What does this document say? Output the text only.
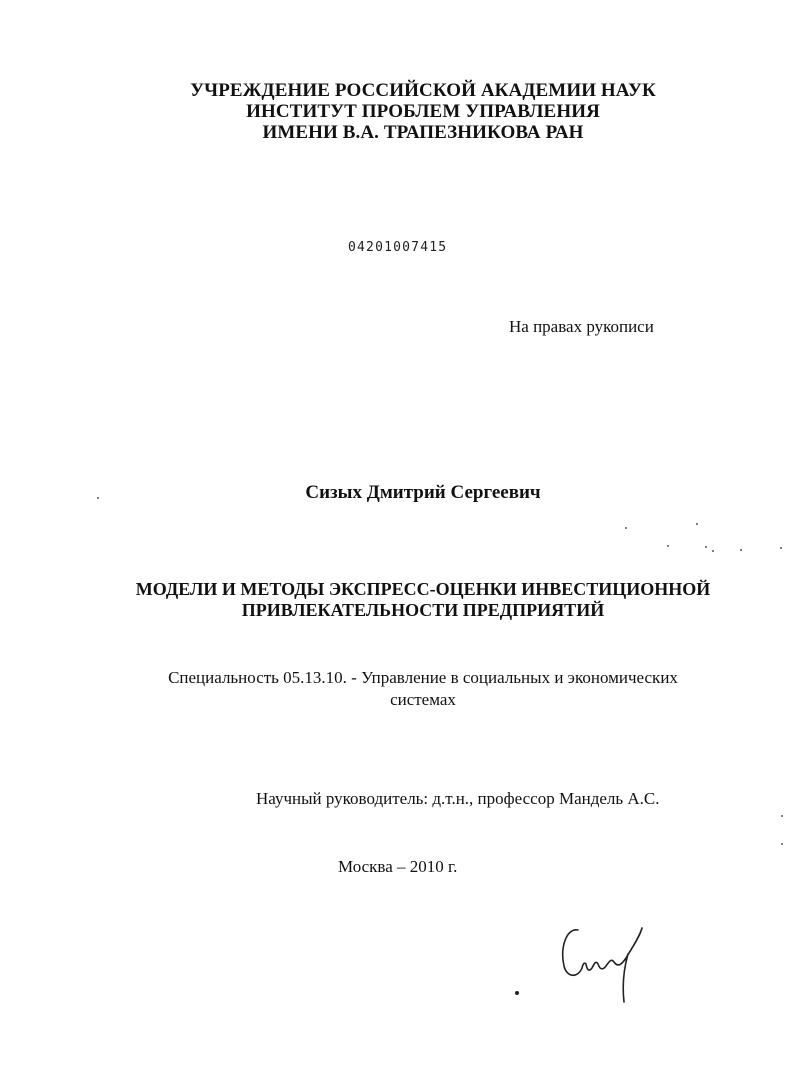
УЧРЕЖДЕНИЕ РОССИЙСКОЙ АКАДЕМИИ НАУК
ИНСТИТУТ ПРОБЛЕМ УПРАВЛЕНИЯ
ИМЕНИ В.А. ТРАПЕЗНИКОВА РАН
04201007415
На правах рукописи
Сизых Дмитрий Сергеевич
МОДЕЛИ И МЕТОДЫ ЭКСПРЕСС-ОЦЕНКИ ИНВЕСТИЦИОННОЙ
ПРИВЛЕКАТЕЛЬНОСТИ ПРЕДПРИЯТИЙ
Специальность 05.13.10. - Управление в социальных и экономических
системах
Научный руководитель: д.т.н., профессор Мандель А.С.
Москва – 2010 г.
